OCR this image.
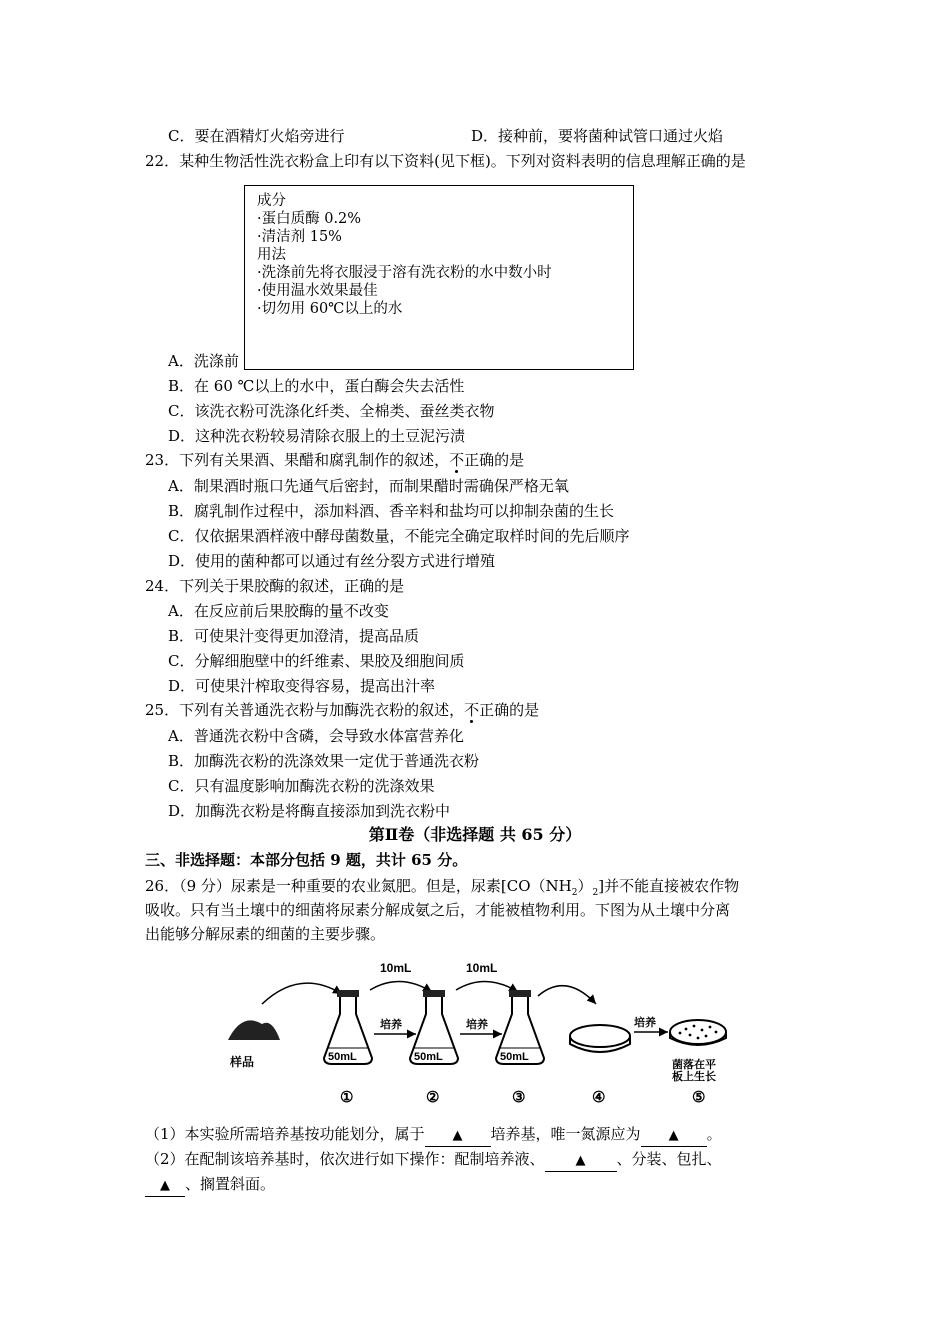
C．要在酒精灯火焰旁进行	D．接种前，要将菌种试管口通过火焰
22．某种生物活性洗衣粉盒上印有以下资料(见下框)。下列对资料表明的信息理解正确的是
A．洗涤前
成分
·蛋白质酶 0.2%
·清洁剂 15%
用法
·洗涤前先将衣服浸于溶有洗衣粉的水中数小时
·使用温水效果最佳
·切勿用 60℃以上的水
B．在 60 ℃以上的水中，蛋白酶会失去活性
C．该洗衣粉可洗涤化纤类、全棉类、蚕丝类衣物
D．这种洗衣粉较易清除衣服上的土豆泥污渍
23．下列有关果酒、果醋和腐乳制作的叙述，不正确的是
A．制果酒时瓶口先通气后密封，而制果醋时需确保严格无氧
B．腐乳制作过程中，添加料酒、香辛料和盐均可以抑制杂菌的生长
C．仅依据果酒样液中酵母菌数量，不能完全确定取样时间的先后顺序
D．使用的菌种都可以通过有丝分裂方式进行增殖
24．下列关于果胶酶的叙述，正确的是
A．在反应前后果胶酶的量不改变
B．可使果汁变得更加澄清，提高品质
C．分解细胞壁中的纤维素、果胶及细胞间质
D．可使果汁榨取变得容易，提高出汁率
25．下列有关普通洗衣粉与加酶洗衣粉的叙述，不正确的是
A．普通洗衣粉中含磷，会导致水体富营养化
B．加酶洗衣粉的洗涤效果一定优于普通洗衣粉
C．只有温度影响加酶洗衣粉的洗涤效果
D．加酶洗衣粉是将酶直接添加到洗衣粉中
第Ⅱ卷（非选择题 共 65 分）
三、非选择题：本部分包括 9 题，共计 65 分。
26．（9 分）尿素是一种重要的农业氮肥。但是，尿素$[CO(NH_2)_2]$并不能直接被农作物
吸收。只有当土壤中的细菌将尿素分解成氨之后，才能被植物利用。下图为从土壤中分离
出能够分解尿素的细菌的主要步骤。
样品	50mL
10mL
培养
50mL
10mL
培养
50mL
培养
菌落在平
板上生长
①	②	③	④	⑤
（1）本实验所需培养基按功能划分，属于 ▲ 培养基，唯一氮源应为 ▲ 。
（2）在配制该培养基时，依次进行如下操作：配制培养液、 ▲ 、分装、包扎、
▲ 、搁置斜面。
